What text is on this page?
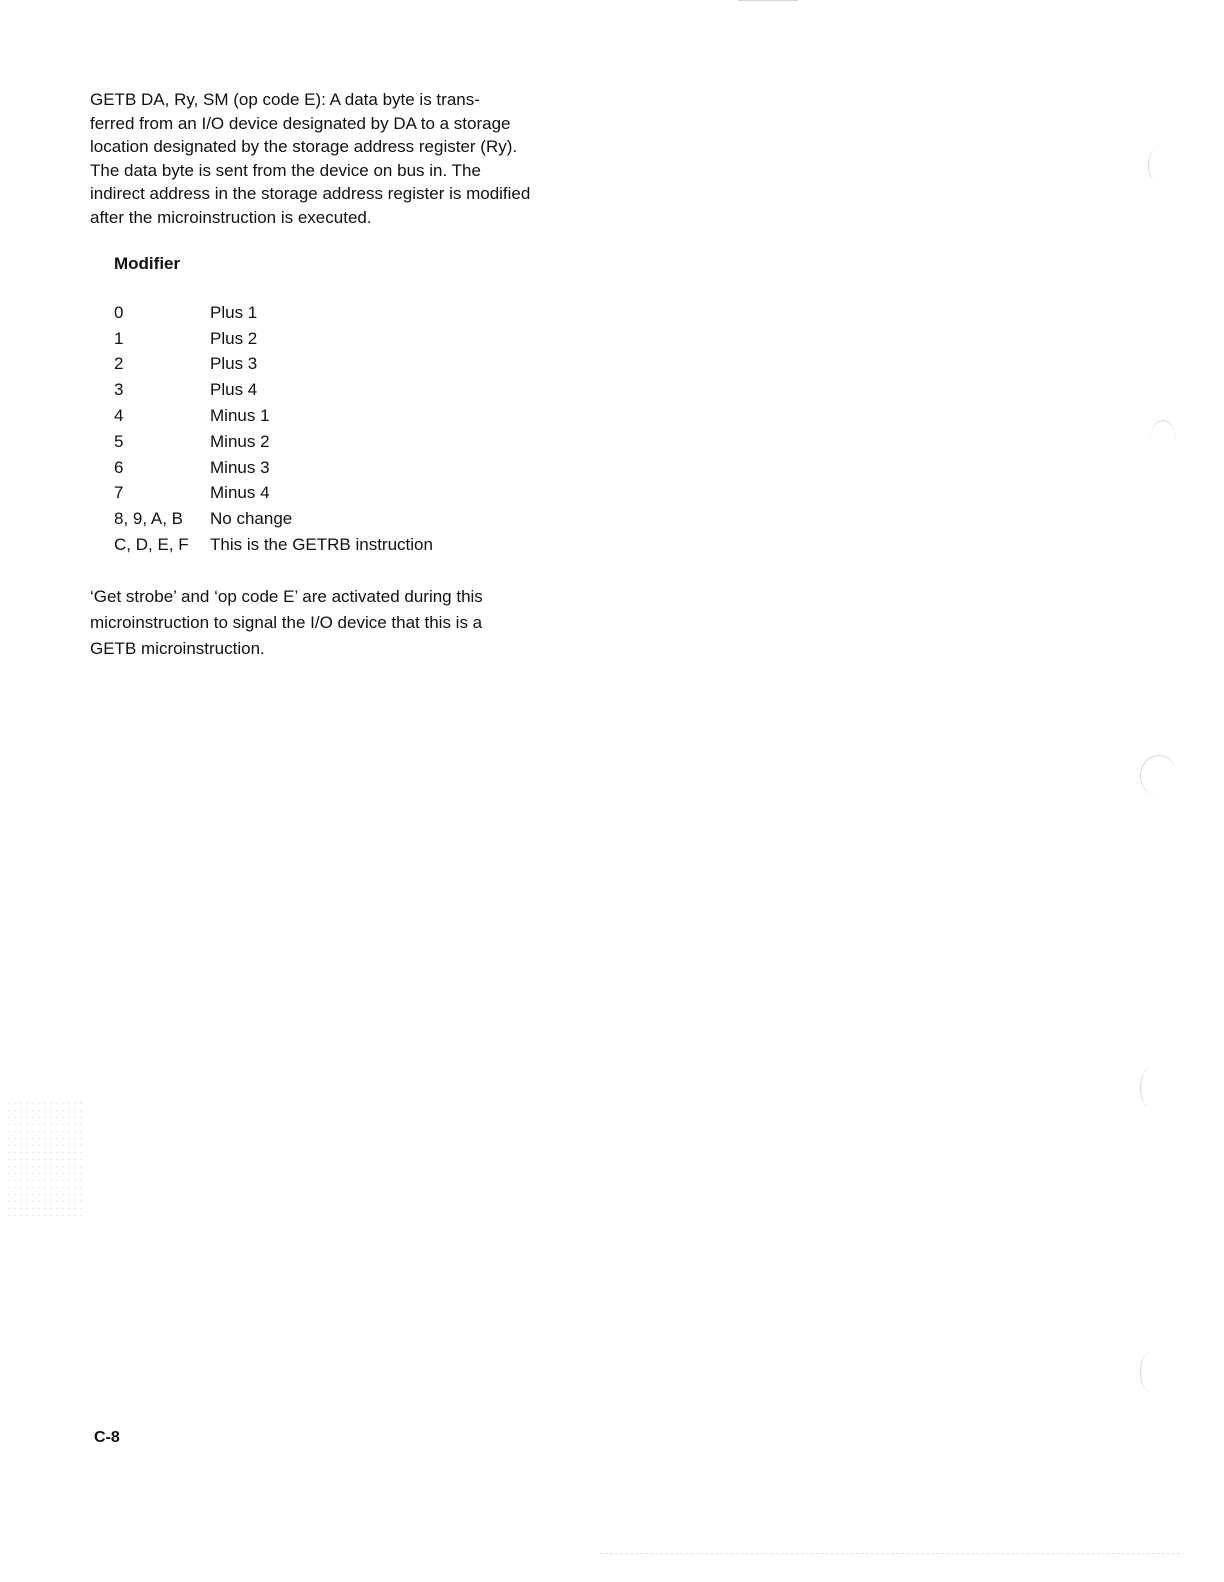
GETB DA, Ry, SM (op code E): A data byte is trans-
ferred from an I/O device designated by DA to a storage
location designated by the storage address register (Ry).
The data byte is sent from the device on bus in. The
indirect address in the storage address register is modified
after the microinstruction is executed.

Modifier

0	Plus 1
1	Plus 2
2	Plus 3
3	Plus 4
4	Minus 1
5	Minus 2
6	Minus 3
7	Minus 4
8, 9, A, B	No change
C, D, E, F	This is the GETRB instruction

‘Get strobe’ and ‘op code E’ are activated during this
microinstruction to signal the I/O device that this is a
GETB microinstruction.

C-8
